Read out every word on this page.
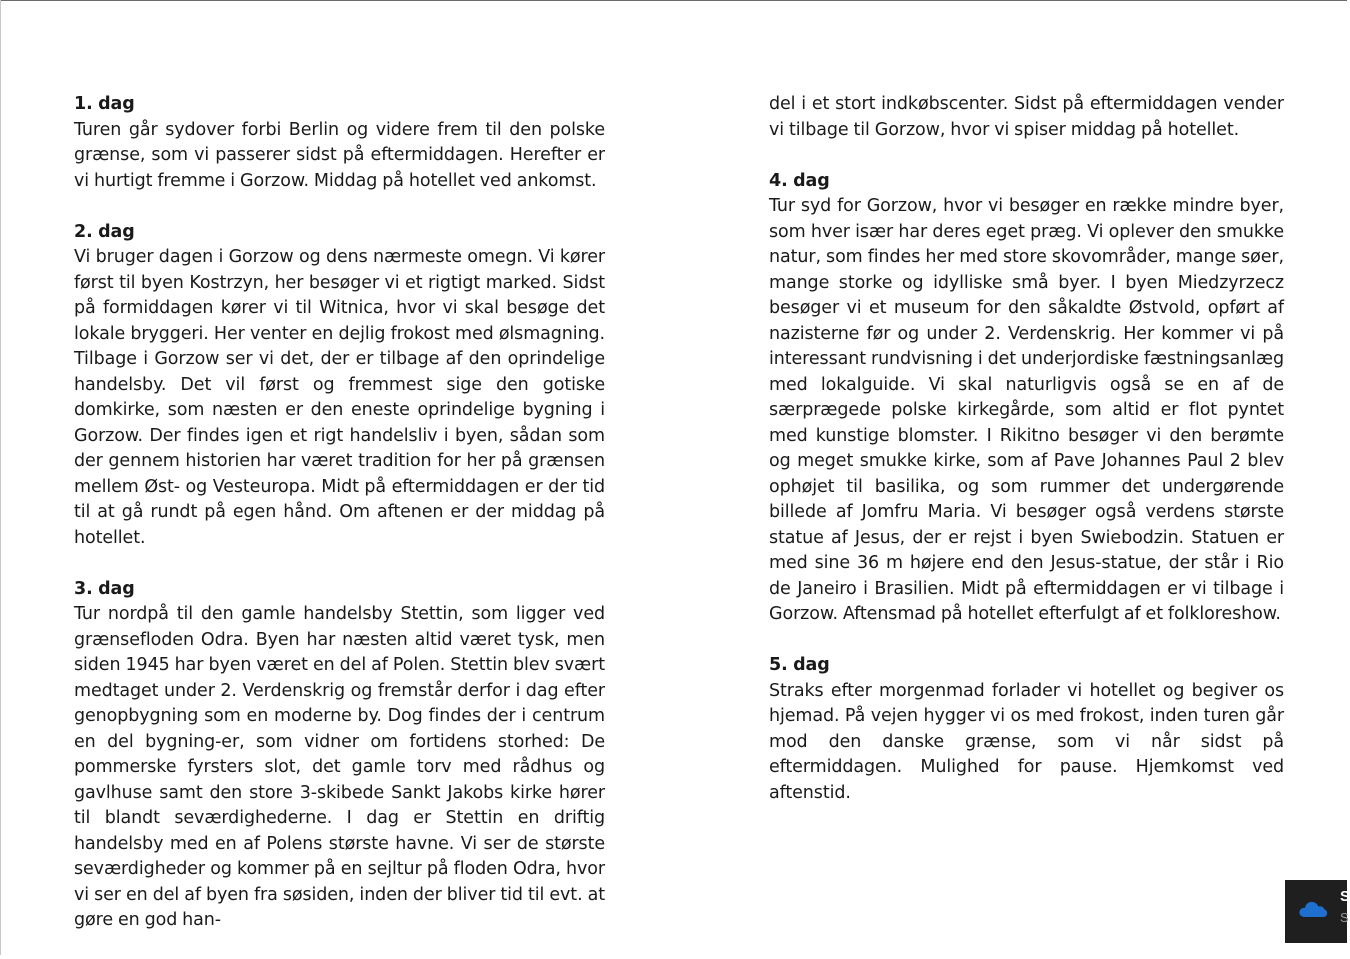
1. dag
Turen går sydover forbi Berlin og videre frem til den polske grænse, som vi passerer sidst på eftermiddagen. Herefter er vi hurtigt fremme i Gorzow. Middag på hotellet ved ankomst.
2. dag
Vi bruger dagen i Gorzow og dens nærmeste omegn. Vi kører først til byen Kostrzyn, her besøger vi et rigtigt marked. Sidst på formiddagen kører vi til Witnica, hvor vi skal besøge det lokale bryggeri. Her venter en dejlig frokost med ølsmagning. Tilbage i Gorzow ser vi det, der er tilbage af den oprindelige handelsby. Det vil først og fremmest sige den gotiske domkirke, som næsten er den eneste oprindelige bygning i Gorzow. Der findes igen et rigt handelsliv i byen, sådan som der gennem historien har været tradition for her på grænsen mellem Øst- og Vesteuropa. Midt på eftermiddagen er der tid til at gå rundt på egen hånd. Om aftenen er der middag på hotellet.
3. dag
Tur nordpå til den gamle handelsby Stettin, som ligger ved grænsefloden Odra. Byen har næsten altid været tysk, men siden 1945 har byen været en del af Polen. Stettin blev svært medtaget under 2. Verdenskrig og fremstår derfor i dag efter genopbygning som en moderne by. Dog findes der i centrum en del bygning-er, som vidner om fortidens storhed: De pommerske fyrsters slot, det gamle torv med rådhus og gavlhuse samt den store 3-skibede Sankt Jakobs kirke hører til blandt seværdighederne. I dag er Stettin en driftig handelsby med en af Polens største havne. Vi ser de største seværdigheder og kommer på en sejltur på floden Odra, hvor vi ser en del af byen fra søsiden, inden der bliver tid til evt. at gøre en god han-
del i et stort indkøbscenter. Sidst på eftermiddagen vender vi tilbage til Gorzow, hvor vi spiser middag på hotellet.
4. dag
Tur syd for Gorzow, hvor vi besøger en række mindre byer, som hver især har deres eget præg. Vi oplever den smukke natur, som findes her med store skovområder, mange søer, mange storke og idylliske små byer. I byen Miedzyrzecz besøger vi et museum for den såkaldte Østvold, opført af nazisterne før og under 2. Verdenskrig. Her kommer vi på interessant rundvisning i det underjordiske fæstningsanlæg med lokalguide. Vi skal naturligvis også se en af de særprægede polske kirkegårde, som altid er flot pyntet med kunstige blomster. I Rikitno besøger vi den berømte og meget smukke kirke, som af Pave Johannes Paul 2 blev ophøjet til basilika, og som rummer det undergørende billede af Jomfru Maria. Vi besøger også verdens største statue af Jesus, der er rejst i byen Swiebodzin. Statuen er med sine 36 m højere end den Jesus-statue, der står i Rio de Janeiro i Brasilien. Midt på eftermiddagen er vi tilbage i Gorzow. Aftensmad på hotellet efterfulgt af et folkloreshow.
5. dag
Straks efter morgenmad forlader vi hotellet og begiver os hjemad. På vejen hygger vi os med frokost, inden turen går mod den danske grænse, som vi når sidst på eftermiddagen. Mulighed for pause. Hjemkomst ved aftenstid.
S
S
